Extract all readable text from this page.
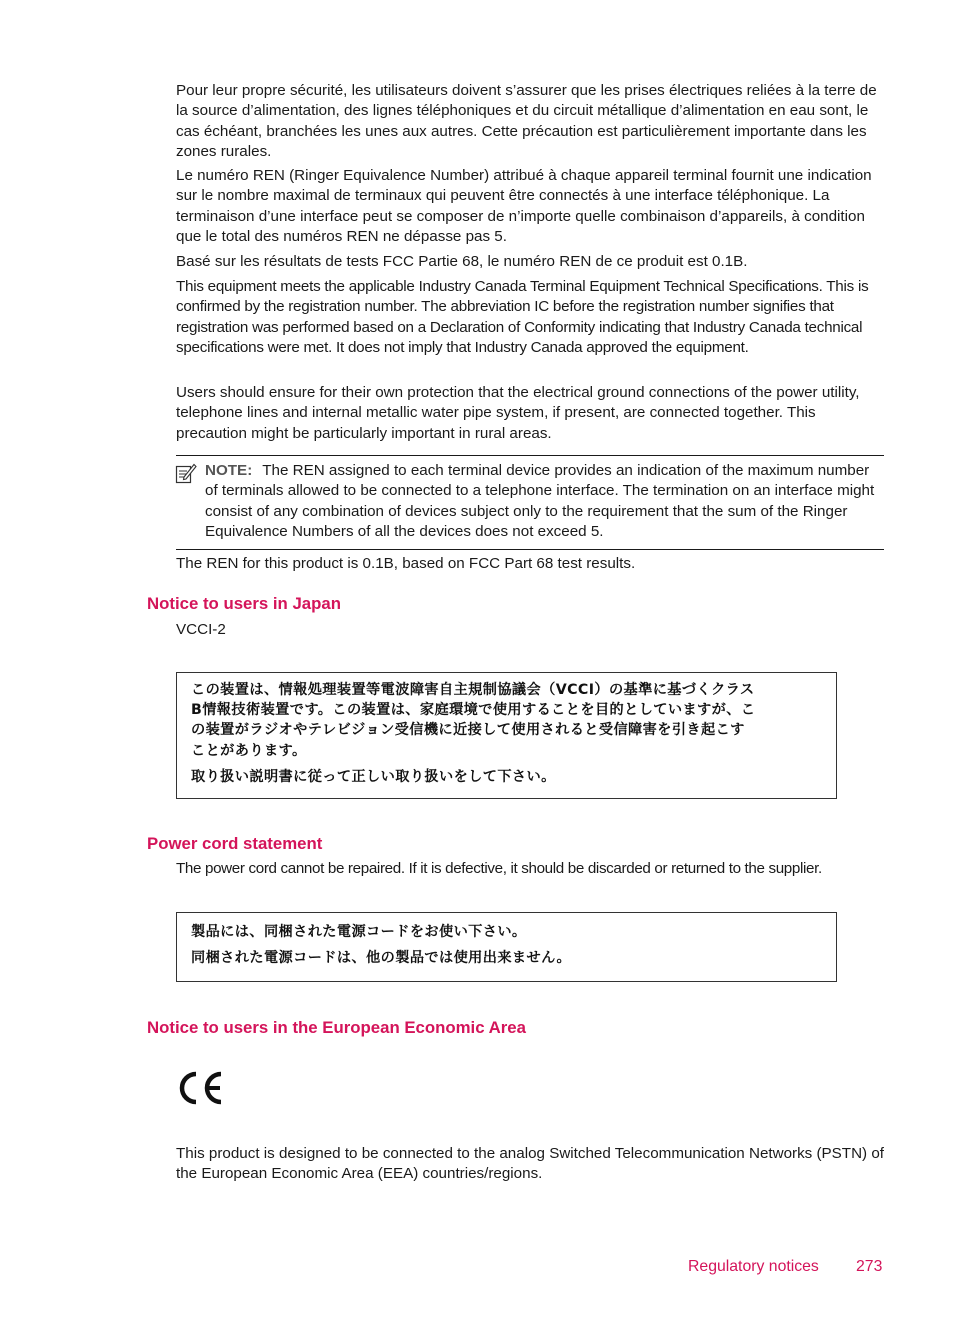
Pour leur propre sécurité, les utilisateurs doivent s’assurer que les prises électriques reliées à la terre de la source d’alimentation, des lignes téléphoniques et du circuit métallique d’alimentation en eau sont, le cas échéant, branchées les unes aux autres. Cette précaution est particulièrement importante dans les zones rurales.

Le numéro REN (Ringer Equivalence Number) attribué à chaque appareil terminal fournit une indication sur le nombre maximal de terminaux qui peuvent être connectés à une interface téléphonique. La terminaison d’une interface peut se composer de n’importe quelle combinaison d’appareils, à condition que le total des numéros REN ne dépasse pas 5.

Basé sur les résultats de tests FCC Partie 68, le numéro REN de ce produit est 0.1B.

This equipment meets the applicable Industry Canada Terminal Equipment Technical Specifications. This is confirmed by the registration number. The abbreviation IC before the registration number signifies that registration was performed based on a Declaration of Conformity indicating that Industry Canada technical specifications were met. It does not imply that Industry Canada approved the equipment.

Users should ensure for their own protection that the electrical ground connections of the power utility, telephone lines and internal metallic water pipe system, if present, are connected together. This precaution might be particularly important in rural areas.

NOTE: The REN assigned to each terminal device provides an indication of the maximum number of terminals allowed to be connected to a telephone interface. The termination on an interface might consist of any combination of devices subject only to the requirement that the sum of the Ringer Equivalence Numbers of all the devices does not exceed 5.

The REN for this product is 0.1B, based on FCC Part 68 test results.

Notice to users in Japan

VCCI-2

この装置は、情報処理装置等電波障害自主規制協議会（VCCI）の基準に基づくクラス
B情報技術装置です。この装置は、家庭環境で使用することを目的としていますが、こ
の装置がラジオやテレビジョン受信機に近接して使用されると受信障害を引き起こす
ことがあります。
取り扱い説明書に従って正しい取り扱いをして下さい。
Power cord statement

The power cord cannot be repaired. If it is defective, it should be discarded or returned to the supplier.

製品には、同梱された電源コードをお使い下さい。
同梱された電源コードは、他の製品では使用出来ません。
Notice to users in the European Economic Area

This product is designed to be connected to the analog Switched Telecommunication Networks (PSTN) of the European Economic Area (EEA) countries/regions.

Regulatory notices 273
